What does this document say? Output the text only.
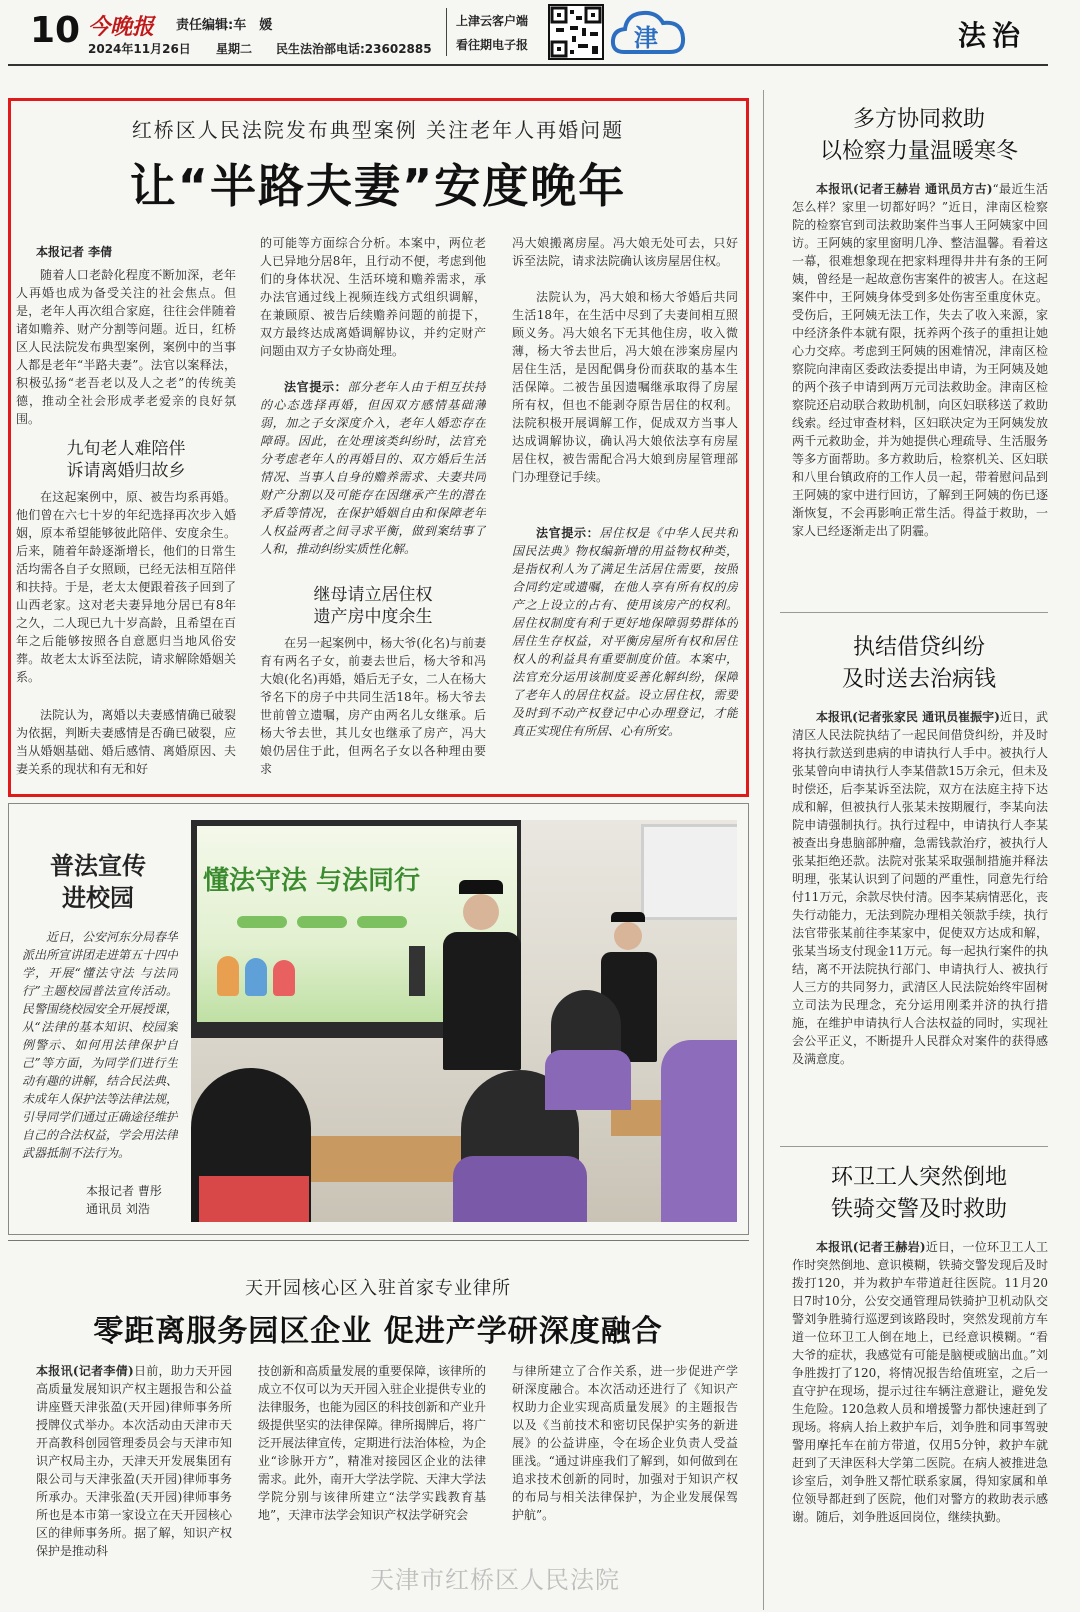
10 今晚报 责任编辑:车　媛
2024年11月26日 星期二 民生法治部电话:23602885
上津云客户端
看往期电子报	津	法治
红桥区人民法院发布典型案例 关注老年人再婚问题
让“半路夫妻”安度晚年
本报记者 李倩
随着人口老龄化程度不断加深，老年人再婚也成为备受关注的社会焦点。但是，老年人再次组合家庭，往往会伴随着诸如赡养、财产分割等问题。近日，红桥区人民法院发布典型案例，案例中的当事人都是老年“半路夫妻”。法官以案释法，积极弘扬“老吾老以及人之老”的传统美德，推动全社会形成孝老爱亲的良好氛围。
九旬老人难陪伴
诉请离婚归故乡
在这起案例中，原、被告均系再婚。他们曾在六七十岁的年纪选择再次步入婚姻，原本希望能够彼此陪伴、安度余生。后来，随着年龄逐渐增长，他们的日常生活均需各自子女照顾，已经无法相互陪伴和扶持。于是，老太太便跟着孩子回到了山西老家。这对老夫妻异地分居已有8年之久，二人现已九十岁高龄，且希望在百年之后能够按照各自意愿归当地风俗安葬。故老太太诉至法院，请求解除婚姻关系。
法院认为，离婚以夫妻感情确已破裂为依据，判断夫妻感情是否确已破裂，应当从婚姻基础、婚后感情、离婚原因、夫妻关系的现状和有无和好
的可能等方面综合分析。本案中，两位老人已异地分居8年，且行动不便，考虑到他们的身体状况、生活环境和赡养需求，承办法官通过线上视频连线方式组织调解，在兼顾原、被告后续赡养问题的前提下，双方最终达成离婚调解协议，并约定财产问题由双方子女协商处理。
法官提示：部分老年人由于相互扶持的心态选择再婚，但因双方感情基础薄弱，加之子女深度介入，老年人婚恋存在障碍。因此，在处理该类纠纷时，法官充分考虑老年人的再婚目的、双方婚后生活情况、当事人自身的赡养需求、夫妻共同财产分割以及可能存在因继承产生的潜在矛盾等情况，在保护婚姻自由和保障老年人权益两者之间寻求平衡，做到案结事了人和，推动纠纷实质性化解。
继母请立居住权
遗产房中度余生
在另一起案例中，杨大爷(化名)与前妻育有两名子女，前妻去世后，杨大爷和冯大娘(化名)再婚，婚后无子女，二人在杨大爷名下的房子中共同生活18年。杨大爷去世前曾立遗嘱，房产由两名儿女继承。后杨大爷去世，其儿女也继承了房产，冯大娘仍居住于此，但两名子女以各种理由要求
冯大娘搬离房屋。冯大娘无处可去，只好诉至法院，请求法院确认该房屋居住权。
法院认为，冯大娘和杨大爷婚后共同生活18年，在生活中尽到了夫妻间相互照顾义务。冯大娘名下无其他住房，收入微薄，杨大爷去世后，冯大娘在涉案房屋内居住生活，是因配偶身份而获取的基本生活保障。二被告虽因遗嘱继承取得了房屋所有权，但也不能剥夺原告居住的权利。法院积极开展调解工作，促成双方当事人达成调解协议，确认冯大娘依法享有房屋居住权，被告需配合冯大娘到房屋管理部门办理登记手续。
法官提示：居住权是《中华人民共和国民法典》物权编新增的用益物权种类，是指权利人为了满足生活居住需要，按照合同约定或遗嘱，在他人享有所有权的房产之上设立的占有、使用该房产的权利。居住权制度有利于更好地保障弱势群体的居住生存权益，对平衡房屋所有权和居住权人的利益具有重要制度价值。本案中，法官充分运用该制度妥善化解纠纷，保障了老年人的居住权益。设立居住权，需要及时到不动产权登记中心办理登记，才能真正实现住有所居、心有所安。
普法宣传
进校园
近日，公安河东分局春华派出所宣讲团走进第五十四中学，开展“懂法守法 与法同行”主题校园普法宣传活动。民警围绕校园安全开展授课，从“法律的基本知识、校园案例警示、如何用法律保护自己”等方面，为同学们进行生动有趣的讲解，结合民法典、未成年人保护法等法律法规，引导同学们通过正确途径维护自己的合法权益，学会用法律武器抵制不法行为。
本报记者 曹彤
通讯员 刘浩
懂法守法 与法同行
天开园核心区入驻首家专业律所
零距离服务园区企业 促进产学研深度融合
本报讯(记者李倩)日前，助力天开园高质量发展知识产权主题报告和公益讲座暨天津张盈(天开园)律师事务所授牌仪式举办。本次活动由天津市天开高教科创园管理委员会与天津市知识产权局主办，天津天开发展集团有限公司与天津张盈(天开园)律师事务所承办。天津张盈(天开园)律师事务所也是本市第一家设立在天开园核心区的律师事务所。据了解，知识产权保护是推动科
技创新和高质量发展的重要保障，该律所的成立不仅可以为天开园入驻企业提供专业的法律服务，也能为园区的科技创新和产业升级提供坚实的法律保障。律所揭牌后，将广泛开展法律宣传，定期进行法治体检，为企业“诊脉开方”，精准对接园区企业的法律需求。此外，南开大学法学院、天津大学法学院分别与该律所建立“法学实践教育基地”，天津市法学会知识产权法学研究会
与律所建立了合作关系，进一步促进产学研深度融合。本次活动还进行了《知识产权助力企业实现高质量发展》的主题报告以及《当前技术和密切民保护实务的新进展》的公益讲座，令在场企业负责人受益匪浅。“通过讲座我们了解到，如何做到在追求技术创新的同时，加强对于知识产权的布局与相关法律保护，为企业发展保驾护航”。
天津市红桥区人民法院
多方协同救助
以检察力量温暖寒冬
本报讯(记者王赫岩 通讯员方古)“最近生活怎么样？家里一切都好吗？”近日，津南区检察院的检察官到司法救助案件当事人王阿姨家中回访。王阿姨的家里窗明几净、整洁温馨。看着这一幕，很难想象现在把家料理得井井有条的王阿姨，曾经是一起故意伤害案件的被害人。在这起案件中，王阿姨身体受到多处伤害至重度休克。受伤后，王阿姨无法工作，失去了收入来源，家中经济条件本就有限，抚养两个孩子的重担让她心力交瘁。考虑到王阿姨的困难情况，津南区检察院向津南区委政法委提出申请，为王阿姨及她的两个孩子申请到两万元司法救助金。津南区检察院还启动联合救助机制，向区妇联移送了救助线索。经过审查材料，区妇联决定为王阿姨发放两千元救助金，并为她提供心理疏导、生活服务等多方面帮助。多方救助后，检察机关、区妇联和八里台镇政府的工作人员一起，带着慰问品到王阿姨的家中进行回访，了解到王阿姨的伤已逐渐恢复，不会再影响正常生活。得益于救助，一家人已经逐渐走出了阴霾。
执结借贷纠纷
及时送去治病钱
本报讯(记者张家民 通讯员崔振宇)近日，武清区人民法院执结了一起民间借贷纠纷，并及时将执行款送到患病的申请执行人手中。被执行人张某曾向申请执行人李某借款15万余元，但未及时偿还，后李某诉至法院，双方在法庭主持下达成和解，但被执行人张某未按期履行，李某向法院申请强制执行。执行过程中，申请执行人李某被查出身患脑部肿瘤，急需钱款治疗，被执行人张某拒绝还款。法院对张某采取强制措施并释法明理，张某认识到了问题的严重性，同意先行给付11万元，余款尽快付清。因李某病情恶化，丧失行动能力，无法到院办理相关领款手续，执行法官带张某前往李某家中，促使双方达成和解，张某当场支付现金11万元。每一起执行案件的执结，离不开法院执行部门、申请执行人、被执行人三方的共同努力，武清区人民法院始终牢固树立司法为民理念，充分运用刚柔并济的执行措施，在维护申请执行人合法权益的同时，实现社会公平正义，不断提升人民群众对案件的获得感及满意度。
环卫工人突然倒地
铁骑交警及时救助
本报讯(记者王赫岩)近日，一位环卫工人工作时突然倒地、意识模糊，铁骑交警发现后及时拨打120，并为救护车带道赶往医院。11月20日7时10分，公安交通管理局铁骑护卫机动队交警刘争胜骑行巡逻到该路段时，突然发现前方车道一位环卫工人倒在地上，已经意识模糊。“看大爷的症状，我感觉有可能是脑梗或脑出血。”刘争胜拨打了120，将情况报告给值班室，之后一直守护在现场，提示过往车辆注意避让，避免发生危险。120急救人员和增援警力都快速赶到了现场。将病人抬上救护车后，刘争胜和同事驾驶警用摩托车在前方带道，仅用5分钟，救护车就赶到了天津医科大学第二医院。在病人被推进急诊室后，刘争胜又帮忙联系家属，得知家属和单位领导都赶到了医院，他们对警方的救助表示感谢。随后，刘争胜返回岗位，继续执勤。
